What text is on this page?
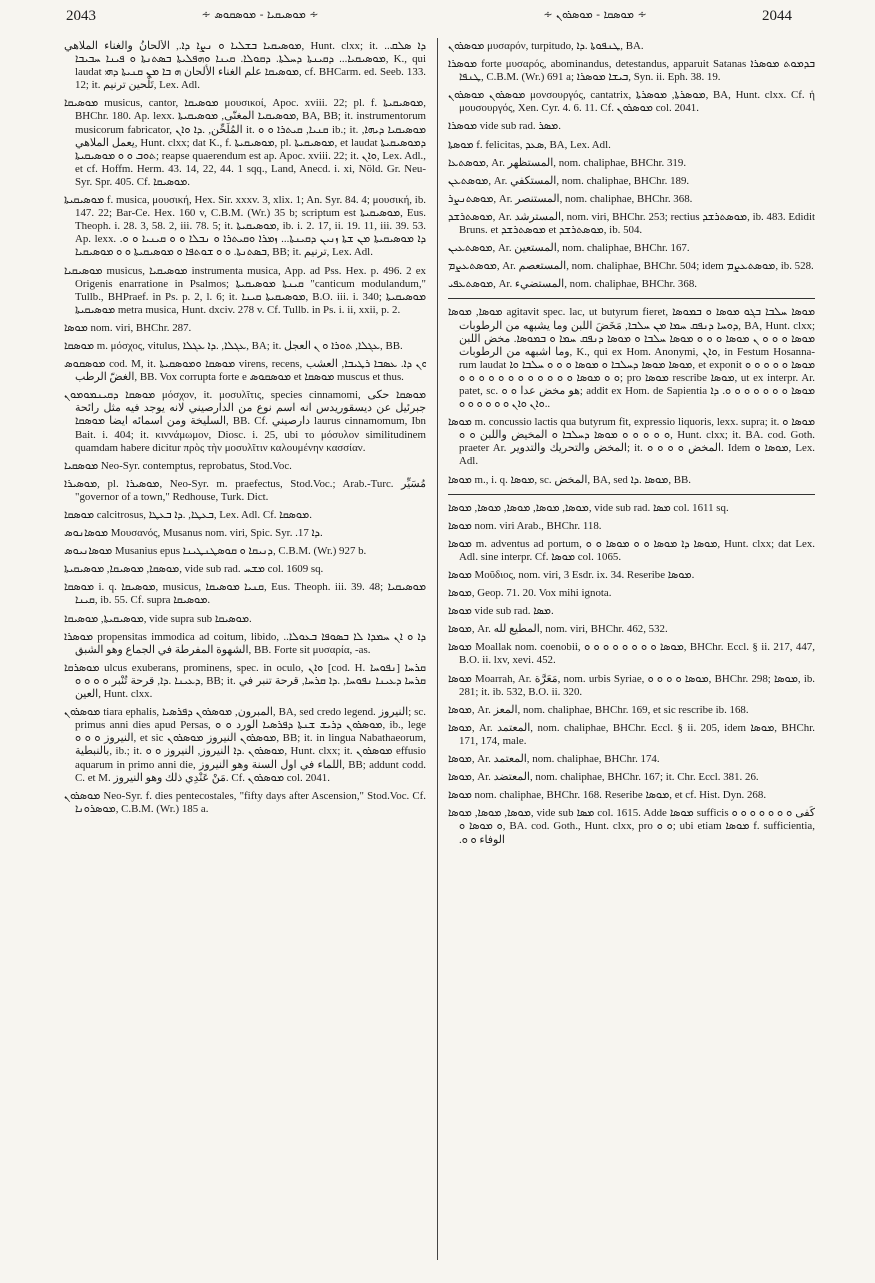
2043	∻ ܡܘܣܝܩܝܐ - ܡܘܣܩܘܣ ∻	∻ ܡܘܣܩܐ - ܡܘܣܪܘܢ ∻	2044

ܡܘܣܝܩܝܐ ܒܫܠܝܐ ܘ ܢܨܐ ܕܐ., الأَلْحانُ والغناء الملاهي, Hunt. clxx; it. .ܕܐ ܣܠܩ. ܡܘܣܝܩܝܐ... ܕܩܝܢܬܐ ܕܚܠܬܐ. ܕܩܘܠܐ. ܩܝܢܐ ܘܗܦܠܝܬܐ ܒܣܬܢܬܐ ܘ ܦܝܢܐ ܚܒܝܒܐ, K., qui laudat ܡܘܣܝܩܐ علم الغناء الألحان ܗ ܒܐ ܡܢ ܩܢܝܬܐ ܕܗܝ, cf. BHCarm. ed. Seeb. 133. 12; it. تَلْحين ترنيم, Lex. Adl.

ܡܘܣܝܩܐ musicus, cantor, ܡܘܣܝܩܐ μουσικοί, Apoc. xviii. 22; pl. f. ܡܘܣܝܩܝܬܐ, BHChr. 180. Ap. lexx. ܡܘܣܝܩܝܐ المغنّى, ܡܘܣܝܩܝܬܐ, BA, BB; it. instrumentorum musicorum fabricator, المُلَحِّن, .ܕܐ ܘܐܢ it. ܩܢܝܐ, ܩܝܬܪܐ ܘ ܘ ib.; it. ܡܘܣܝܩܝܐ ܕܝܗܐ, يعمل الملاهي, Hunt. clxx; dat K., f. ܡܘܣܝܩܝܬܐ, pl. ܡܘܣܝܩܝܬܐ, et laudat ܕܡܘܣܝܩܝܬܐ ܬܘܒ ܘ ܘ ܡܘܣܝܩܝܬܐ; reapse quaerendum est ap. Apoc. xviii. 22; it. ܘܐܢ, Lex. Adl., et cf. Hoffm. Herm. 43. 14, 22, 44. 1 sqq., Land, Anecd. i. xi, Nöld. Gr. Neu-Syr. Spr. 405. Cf. ܡܘܣܝܩܐ.

ܡܘܣܝܩܝܬܐ f. musica, μουσική, Hex. Sir. xxxv. 3, xlix. 1; An. Syr. 84. 4; μουσική, ib. 147. 22; Bar-Ce. Hex. 160 v, C.B.M. (Wr.) 35 b; scriptum est ܡܘܣܝܩܝܬܐ, Eus. Theoph. i. 28. 3, 58. 2, iii. 78. 5; it. ܡܘܣܝܩܝܬܐ, ib. i. 2. 17, ii. 19. 11, iii. 39. 53. Ap. lexx. .ܕܐ ܡܘܣܝܩܝܬܐ ܡܢ ܫܬܐ ܙܢܝܢ ܕܩܝܢܬܐ... ܙܡܪܐ ܘܩܝܬܪܐ ܘ ܢܒܠܐ ܘ ܘ ܩܝܢܝܐ ܘ ܘ ܒܣܬܢܬܐ. ܘ ܘ ܫܘܬܦܐ ܘ ܡܘܣܝܩܝܬܐ ܘ ܘ ܡܘܣܝܩܝܐ, BB; it. ترنيم, Lex. Adl.

ܡܘܣܝܩܝܐ musicus, ܡܘܣܝܩܝܐ instrumenta musica, App. ad Pss. Hex. p. 496. 2 ex Origenis enarratione in Psalmos; ܩܝܢܬܐ ܡܘܣܝܩܝܬܐ "canticum modulandum," Tullb., BHPraef. in Ps. p. 2, l. 6; it. ܡܘܣܝܩܝܬܐ ܩܝܢܐ, B.O. iii. i. 340; ܡܘܣܝܩܝܬܐ ܡܘܣܝܩܝܬܐ metra musica, Hunt. dxciv. 278 v. Cf. Tullb. in Ps. i. ii, xxii, p. 2.

ܡܘܣܐ nom. viri, BHChr. 287.

ܡܘܣܩܐ m. μόσχος, vitulus, ܥܓܠܐ, .ܕܐ ܥܓܠܐ, BA; it. ܥܓܠܐ, ܬܘܪܐ ܘ ܢ العجل, BB.

ܡܘܣܩܘܣ cod. M, it. ܡܘܣܩܐ ܘܡܘܣܩܝܬܐ virens, recens, ܘܢ ܕܐ. ܥܣܒܐ ܪܛܝܒܐ, العشب الغضّ الرطب, BB. Vox corrupta forte e ܡܘܣܩܘܣ et ܡܘܣܩܐ muscus et thus.

ܡܘܣܩܐ ܕܩܝܢܡܘܡܘܢ μόσχον, it. μοσυλῖτις, species cinnamomi, ܡܘܣܩܐ حكى جبرئيل عن ديسقوريدس انه اسم نوع من الدارصيني لانه يوجد فيه مثل رائحة السليخة ومن اسمائه ايضا ܡܘܣܩܐ, BB. Cf. دارصيني laurus cinnamomum, Ibn Bait. i. 404; it. κιννάμωμον, Diosc. i. 25, ubi το μόσυλον similitudinem quamdam habere dicitur πρὸς τὴν μοσυλῖτιν καλουμένην κασσίαν.

ܡܘܣܩܝܐ Neo-Syr. contemptus, reprobatus, Stod.Voc.

ܡܘܣܝܪܐ, pl. ܡܘܣܝܪܐ, Neo-Syr. m. praefectus, Stod.Voc.; Arab.-Turc. مُسَيِّر "governor of a town," Redhouse, Turk. Dict.

ܡܘܣܩܐ calcitrosus, ܒܥܛܐ, .ܕܐ ܒܥܛܐ, Lex. Adl. Cf. ܡܘܣܩܐ.

ܡܘܣܐܢܘܣ Μουσανός, Musanus nom. viri, Spic. Syr. .ܕܐ 17.

ܡܘܣܐܢܝܘܣ Musanius epus ܕܢܝܩܐ ܘ ܩܘܣܛܢܛܝܢܐ, C.B.M. (Wr.) 927 b.

ܡܘܣܩܐ, ܡܘܣܝܩܐ, ܡܘܣܝܩܝܬܐ, vide sub rad. ܡܫܚ col. 1609 sq.

ܡܘܣܩܐ i. q. ܡܘܣܝܩܐ, musicus, ܩܢܝܐ ܡܘܣܝܩܐ, Eus. Theoph. iii. 39. 48; ܡܘܣܝܩܝܐ ܩܝܢܐ, ib. 55. Cf. supra ܡܘܣܝܩܐ.

ܡܘܣܝܩܝܬܐ, ܡܘܣܝܩܐ, vide supra sub ܡܘܣܝܩܐ.

ܡܘܣܪܐ propensitas immodica ad coitum, libido, .ܕܐ ܘ ܐܢ ܚܡܕܐ ܠܐ ܒܣܘܦܐ ܒܥܘܠܐ. الشهوة المفرطة في الجماع وهو الشبق, BB. Forte sit μυσαρία, -as.

ܡܘܣܪܩܐ ulcus exuberans, prominens, spec. in oculo, ܘܐܢ [cod. H. ܢܦܘܚܐ] ܩܪܚܐ ܕܥܝܢܐ .ܕܐ, قرحة تُنْبر ܘ ܘ ܘ ܘ, BB; it. ܩܪܚܐ ܕܥܝܢܐ ܢܦܘܚܐ, .ܕܐ ܩܪܚܐ, قرحة تنبر في العين, Hunt. clxx.

ܡܘܣܪܘܢ tiara ephalis, المبرون, ܡܘܣܪܘܢ ܕܦܪܣܝܐ, BA, sed credo legend. النيروز; sc. primus anni dies apud Persas, ܡܘܣܪܘܢ ܕܪܝܫ ܫܢܬܐ ܕܦܪܣܝܐ الورد ܘ ܘ, ib., lege النيروز ܘ ܘ ܘ, et sic ܡܘܣܪܘܢ النيروز ܡܘܣܪܘܢ, BB; it. in lingua Nabathaeorum, بالنبطية, ib.; it. ܡܘܣܪܘܢ .ܕܐ النيروز, النيروز ܘ ܘ, Hunt. clxx; it. ܡܘܣܪܘܢ effusio aquarum in primo anni die, اللماء في اول السنة وهو النيروز, BB; addunt codd. C. et M. مَنْ عَنْدِي ذلك وهو النيروز. Cf. ܡܘܣܪܘܢ col. 2041.

ܡܘܣܪܘܢ Neo-Syr. f. dies pentecostales, "fifty days after Ascension," Stod.Voc. Cf. ܡܘܣܪܘܢܐ, C.B.M. (Wr.) 185 a.

ܡܘܣܪܘܢ μυσαρόν, turpitudo, ܛܢܦܘܬܐ .ܕܐ, BA.

ܡܘܣܪܐ forte μυσαρός, abominandus, detestandus, apparuit Satanas ܒܕܡܘܬ ܡܘܣܪܐ ܛܢܦܐ, C.B.M. (Wr.) 691 a; ܒܝܫܐ ܡܘܣܪܐ, Syn. ii. Eph. 38. 19.

ܡܘܣܪܘܢ ܡܘܣܪܘܢ μονσουργός, cantatrix, ܡܘܣܪܬܐ, ܡܘܣܪܬܐ, BA, Hunt. clxx. Cf. ἡ μουσουργός, Xen. Cyr. 4. 6. 11. Cf. ܡܘܣܪܘܢ col. 2041.

ܡܘܣܪܐ vide sub rad. ܡܣܪ.

ܡܘܣܬܐ f. felicitas, ܣܥܕ, BA, Lex. Adl.

ܡܘܣܬܥܐ, Ar. المستظهر, nom. chaliphae, BHChr. 319.

ܡܘܣܬܥܢ, Ar. المستكفي, nom. chaliphae, BHChr. 189.

ܡܘܣܬܢܨܪ, Ar. المستنصر, nom. chaliphae, BHChr. 368.

ܡܘܣܬܪܫܕ, Ar. المسترشد, nom. viri, BHChr. 253; rectius ܡܘܣܬܪܫܕ, ib. 483. Edidit Bruns. et ܡܘܣܬܪܫܕ et ܡܘܣܬܪܫܕ, ib. 504.

ܡܘܣܬܥܝܢ, Ar. المستعين, nom. chaliphae, BHChr. 167.

ܡܘܣܬܥܨܡ, Ar. المستعصم, nom. chaliphae, BHChr. 504; idem ܡܘܣܬܥܨܡ, ib. 528.

ܡܘܣܬܥܦܝ, Ar. المستضيء, nom. chaliphae, BHChr. 368.

ܡܘܣܐ, ܡܘܣܐ agitavit spec. lac, ut butyrum fieret, ܡܘܣܐ ܚܠܒܐ ܒܓܘ ܡܘܣܐ ܘ ܒܡܘܣܐ ܕܘܚܐ ܕܢܦܩ ܚܡܐ ܡܢ ܚܠܒܐ, مَخَضَ اللبن وما يشبهه من الرطوبات, BA, Hunt. clxx; ܡܘܣܐ ܘ ܘ ܘ ܢ ܡܘܣܐ ܘ ܘ ܘ ܡܘܣܐ ܚܠܒܐ ܘ ܡܘܣܐ ܕܢܦܩ ܚܡܐ ܘ ܒܡܘܣܐ. مخض اللبن وما اشبهه من الرطوبات, K., qui ex Hom. Anonymi, ܘܐܢ, in Festum Hosanna-rum laudat ܡܘܣܐ ܡܘܣܐ ܕܚܠܒܐ ܘ ܡܘܣܐ ܘ ܘ ܘ ܚܠܒܐ ܘܐ, et exponit ܡܘܣܐ ܘ ܘ ܘ ܘ ܘ ܘ ܘ ܡܘܣܐ ܘ ܘ ܘ ܘ ܘ ܘ ܘ ܘ ܘ ܘ ܘ ܘ; pro ܡܘܣܐ rescribe ܡܘܣܐ, ut ex interpr. Ar. patet, sc. هو مخض عدا ܘ ܘ; addit ex Hom. de Sapientia ܡܘܣܐ ܘ ܘ ܘ ܘ ܘ ܘ ܘ. ܕܐ .ܘܐܢ ܘܐܢ ܘ ܘ ܘ ܘ ܘ ܘ.

ܡܘܣܐ m. concussio lactis qua butyrum fit, expressio liquoris, lexx. supra; it. ܡܘܣܐ ܘ ܘ ܘ ܘ ܘ ܘ ܡܘܣܐ ܕܚܠܒܐ ܘ المخيض واللبن ܘ ܘ, Hunt. clxx; it. BA. cod. Goth. praeter Ar. المخض والتحريك والتدوير; it. المخض ܘ ܘ ܘ ܘ. Idem ܡܘܣܐ ܘ, Lex. Adl.

ܡܘܣܐ m., i. q. ܡܘܣܐ, sc. المخض, BA, sed ܡܘܣܐ .ܕܐ, BB.

ܡܘܣܐ, ܡܘܣܐ, ܡܘܣܐ, ܡܘܣܐ, ܡܘܣܐ, vide sub rad. ܡܣܐ col. 1611 sq.

ܡܘܣܐ nom. viri Arab., BHChr. 118.

ܡܘܣܐ m. adventus ad portum, ܡܘܣܐ ܕܐ ܡܘܣܐ ܘ ܘ ܡܘܣܐ ܘ ܘ, Hunt. clxx; dat Lex. Adl. sine interpr. Cf. ܡܘܣܐ col. 1065.

ܡܘܣܐ Μοῦδιος, nom. viri, 3 Esdr. ix. 34. Reseribe ܡܘܣܐ.

ܡܘܣܐ, Geop. 71. 20. Vox mihi ignota.

ܡܘܣܐ vide sub rad. ܡܣܐ.

ܡܘܣܐ, Ar. المطيع لله, nom. viri, BHChr. 462, 532.

ܡܘܣܐ Moallak nom. coenobii, ܡܘܣܐ ܘ ܘ ܘ ܘ ܘ ܘ ܘ ܘ, BHChr. Eccl. § ii. 217, 447, B.O. ii. lxv, xevi. 452.

ܡܘܣܐ Moarrah, Ar. مَعَرَّة, nom. urbis Syriae, ܡܘܣܐ ܘ ܘ ܘ ܘ, BHChr. 298; ܡܘܣܐ, ib. 281; it. ib. 532, B.O. ii. 320.

ܡܘܣܐ, Ar. المعز, nom. chaliphae, BHChr. 169, et sic rescribe ib. 168.

ܡܘܣܐ, Ar. المعتمد, nom. chaliphae, BHChr. Eccl. § ii. 205, idem ܡܘܣܐ, BHChr. 171, 174, male.

ܡܘܣܐ, Ar. المعتمد, nom. chaliphae, BHChr. 174.

ܡܘܣܐ, Ar. المعتضد, nom. chaliphae, BHChr. 167; it. Chr. Eccl. 381. 26.

ܡܘܣܐ nom. chaliphae, BHChr. 168. Reseribe ܡܘܣܐ, et cf. Hist. Dyn. 268.

ܡܘܣܐ, ܡܘܣܐ, ܡܘܣܐ, vide sub ܡܣܐ col. 1615. Adde ܡܘܣܐ sufficis كَفى ܘ ܘ ܘ ܘ ܘ ܘ ܘ ܘ ܡܘܣܐ ܘ, BA. cod. Goth., Hunt. clxx, pro ܘ ܘ; ubi etiam ܡܘܣܐ f. sufficientia, .الوفاء ܘ ܘ
